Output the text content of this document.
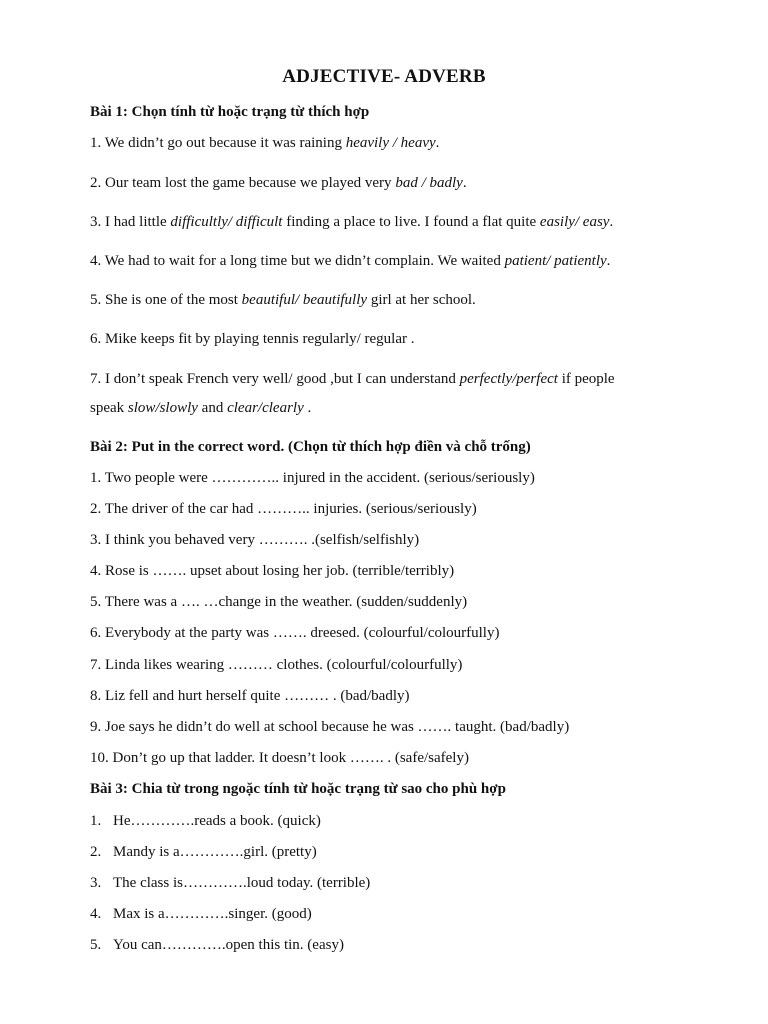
ADJECTIVE- ADVERB
Bài 1: Chọn tính từ hoặc trạng từ thích hợp
1. We didn’t go out because it was raining heavily / heavy.
2. Our team lost the game because we played very bad / badly.
3. I had little difficultly/ difficult finding a place to live. I found a flat quite easily/ easy.
4. We had to wait for a long time but we didn’t complain. We waited patient/ patiently.
5. She is one of the most beautiful/ beautifully girl at her school.
6. Mike keeps fit by playing tennis regularly/ regular .
7. I don’t speak French very well/ good ,but I can understand perfectly/perfect if people
speak slow/slowly and clear/clearly .
Bài 2: Put in the correct word. (Chọn từ thích hợp điền và chỗ trống)
1. Two people were ………….. injured in the accident. (serious/seriously)
2. The driver of the car had ……….. injuries. (serious/seriously)
3. I think you behaved very ………. .(selfish/selfishly)
4. Rose is ……. upset about losing her job. (terrible/terribly)
5. There was a …. …change in the weather. (sudden/suddenly)
6. Everybody at the party was ……. dreesed. (colourful/colourfully)
7. Linda likes wearing ……… clothes. (colourful/colourfully)
8. Liz fell and hurt herself quite ……… . (bad/badly)
9. Joe says he didn’t do well at school because he was ……. taught. (bad/badly)
10. Don’t go up that ladder. It doesn’t look ……. . (safe/safely)
Bài 3: Chia từ trong ngoặc tính từ hoặc trạng từ sao cho phù hợp
1. He………….reads a book. (quick)
2. Mandy is a………….girl. (pretty)
3. The class is………….loud today. (terrible)
4. Max is a………….singer. (good)
5. You can………….open this tin. (easy)
